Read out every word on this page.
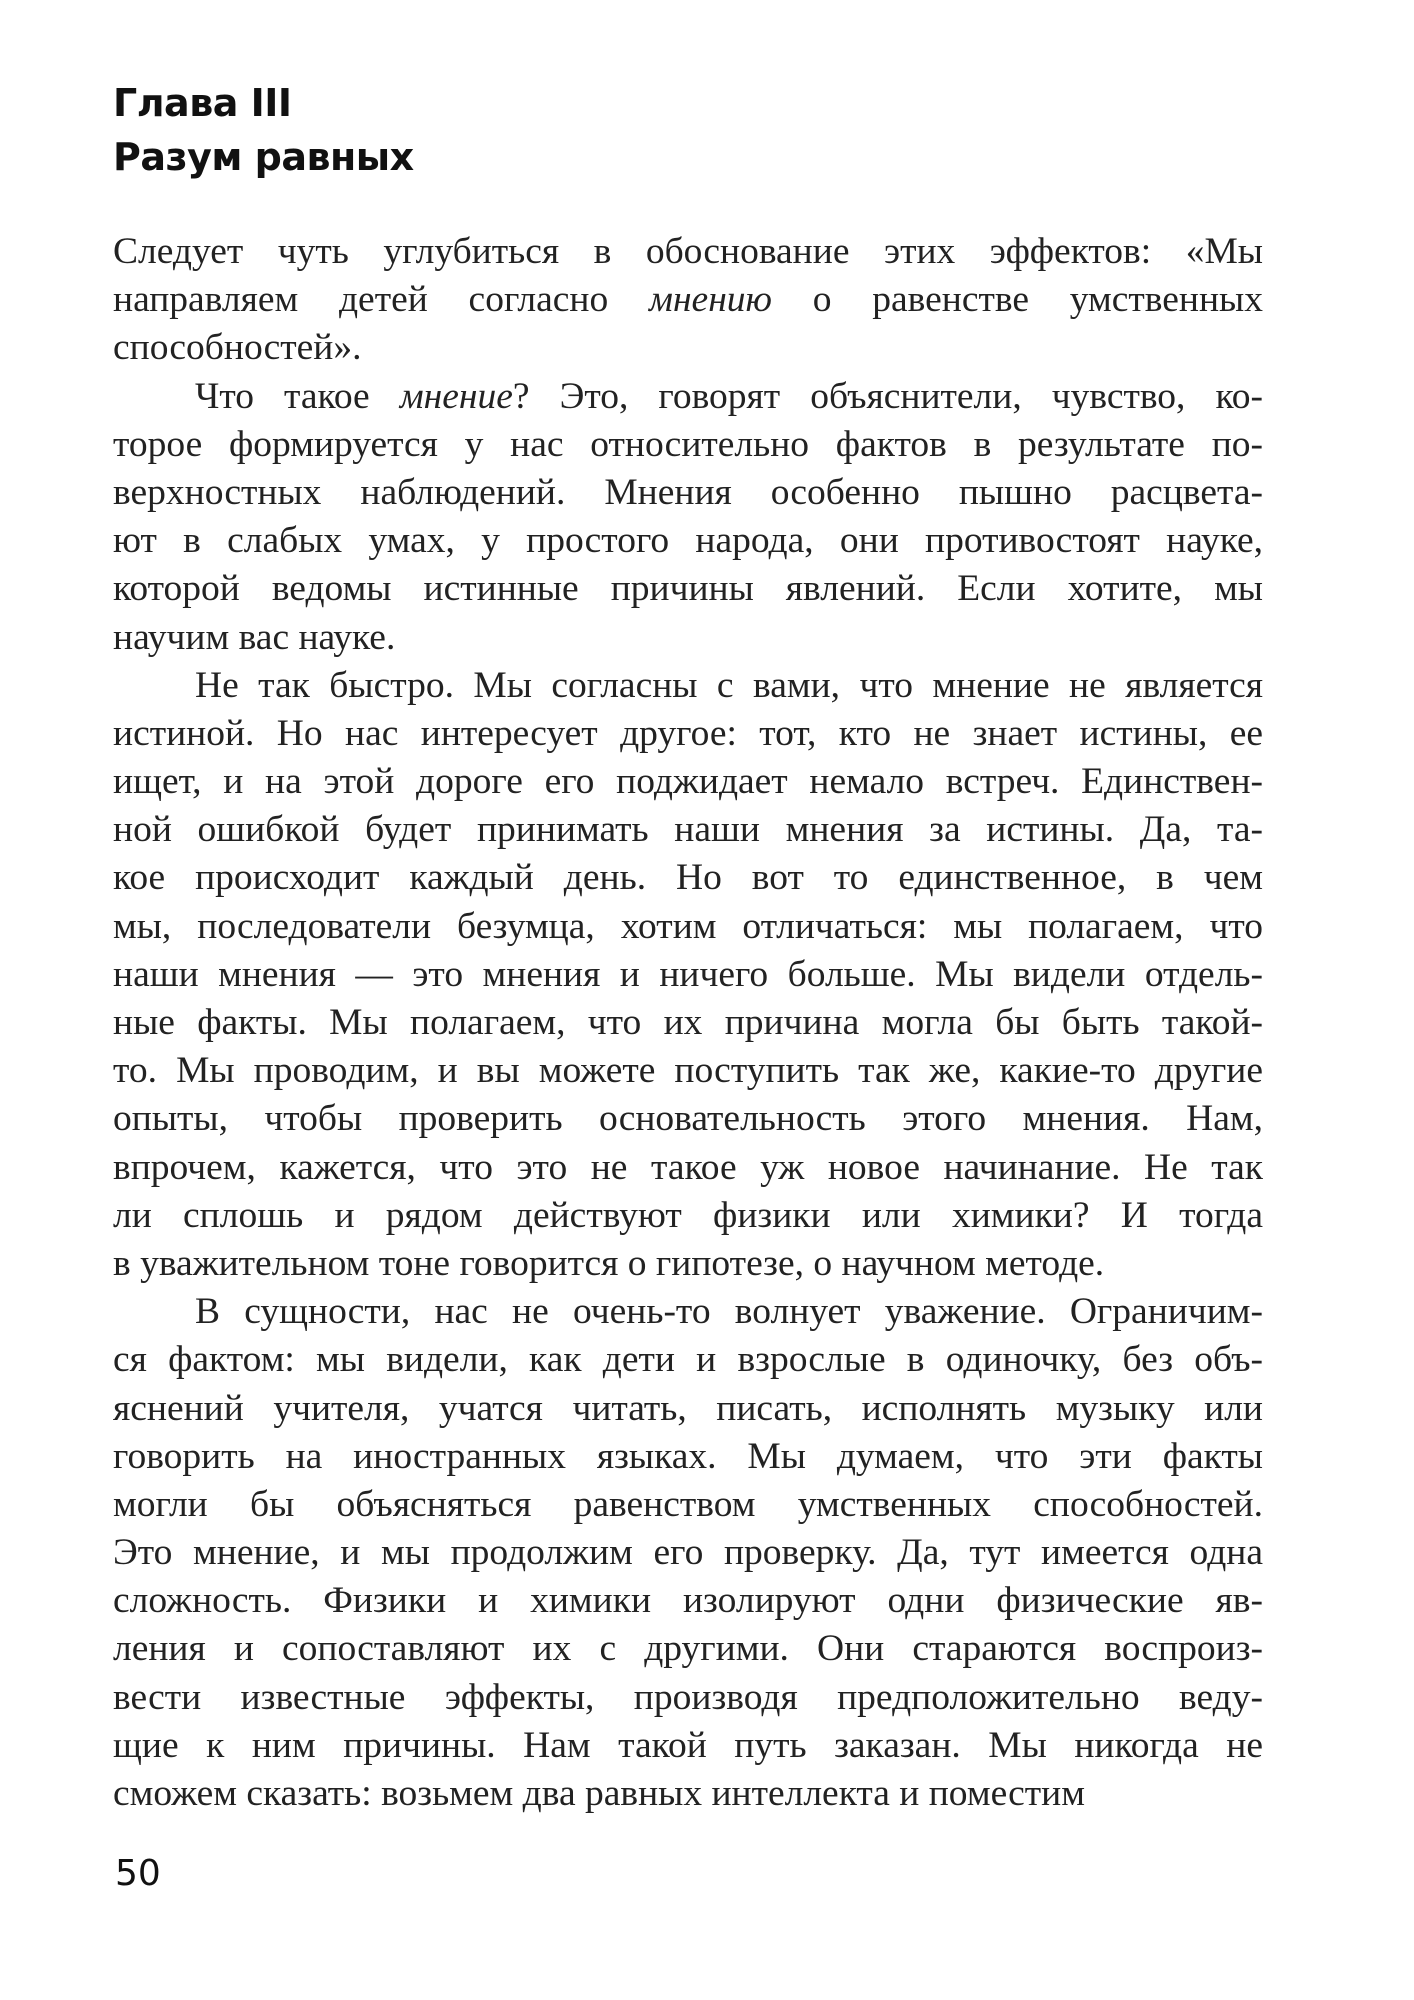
Глава III
Разум равных
Следует чуть углубиться в обоснование этих эффектов: «Мы
направляем детей согласно мнению о равенстве умственных
способностей».
Что такое мнение? Это, говорят объяснители, чувство, ко-
торое формируется у нас относительно фактов в результате по-
верхностных наблюдений. Мнения особенно пышно расцвета-
ют в слабых умах, у простого народа, они противостоят науке,
которой ведомы истинные причины явлений. Если хотите, мы
научим вас науке.
Не так быстро. Мы согласны с вами, что мнение не является
истиной. Но нас интересует другое: тот, кто не знает истины, ее
ищет, и на этой дороге его поджидает немало встреч. Единствен-
ной ошибкой будет принимать наши мнения за истины. Да, та-
кое происходит каждый день. Но вот то единственное, в чем
мы, последователи безумца, хотим отличаться: мы полагаем, что
наши мнения — это мнения и ничего больше. Мы видели отдель-
ные факты. Мы полагаем, что их причина могла бы быть такой-
то. Мы проводим, и вы можете поступить так же, какие-то другие
опыты, чтобы проверить основательность этого мнения. Нам,
впрочем, кажется, что это не такое уж новое начинание. Не так
ли сплошь и рядом действуют физики или химики? И тогда
в уважительном тоне говорится о гипотезе, о научном методе.
В сущности, нас не очень-то волнует уважение. Ограничим-
ся фактом: мы видели, как дети и взрослые в одиночку, без объ-
яснений учителя, учатся читать, писать, исполнять музыку или
говорить на иностранных языках. Мы думаем, что эти факты
могли бы объясняться равенством умственных способностей.
Это мнение, и мы продолжим его проверку. Да, тут имеется одна
сложность. Физики и химики изолируют одни физические яв-
ления и сопоставляют их с другими. Они стараются воспроиз-
вести известные эффекты, производя предположительно веду-
щие к ним причины. Нам такой путь заказан. Мы никогда не
сможем сказать: возьмем два равных интеллекта и поместим
50
